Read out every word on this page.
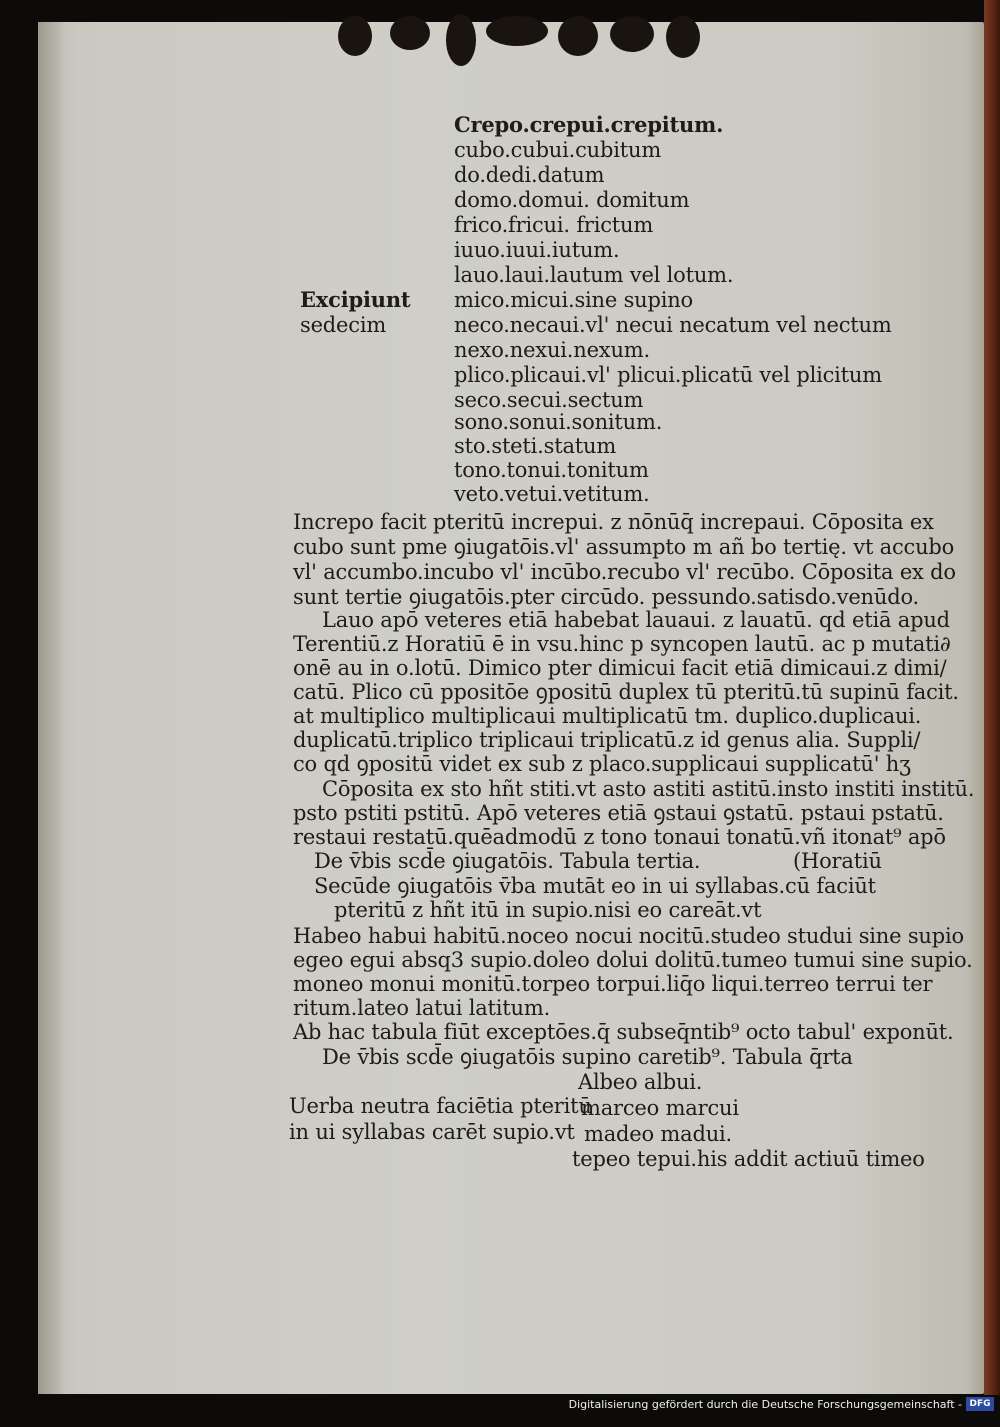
Crepo.crepui.crepitum.
cubo.cubui.cubitum
do.dedi.datum
domo.domui. domitum
frico.fricui. frictum
iuuo.iuui.iutum.
lauo.laui.lautum vel lotum.
mico.micui.sine supino
neco.necaui.vl' necui necatum vel nectum
nexo.nexui.nexum.
plico.plicaui.vl' plicui.plicatū vel plicitum
seco.secui.sectum
sono.sonui.sonitum.
sto.steti.statum
tono.tonui.tonitum
veto.vetui.vetitum.
Excipiunt
sedecim
Increpo facit pteritū increpui. z nōnūq̄ increpaui. Cōposita ex
cubo sunt pme ꝯiugatōis.vl' assumpto m añ bo tertię. vt accubo
vl' accumbo.incubo vl' incūbo.recubo vl' recūbo. Cōposita ex do
sunt tertie ꝯiugatōis.pter circūdo. pessundo.satisdo.venūdo.
Lauo apō veteres etiā habebat lauaui. z lauatū. qd etiā apud
Terentiū.z Horatiū ē in vsu.hinc p syncopen lautū. ac p mutati∂
onē au in o.lotū. Dimico pter dimicui facit etiā dimicaui.z dimi/
catū. Plico cū ppositōe ꝯpositū duplex tū pteritū.tū supinū facit.
at multiplico multiplicaui multiplicatū tm. duplico.duplicaui.
duplicatū.triplico triplicaui triplicatū.z id genus alia. Suppli/
co qd ꝯpositū videt ex sub z placo.supplicaui supplicatū' hʒ
Cōposita ex sto hñt stiti.vt asto astiti astitū.insto institi institū.
psto pstiti pstitū. Apō veteres etiā ꝯstaui ꝯstatū. pstaui pstatū.
restaui restatū.quēadmodū z tono tonaui tonatū.vñ itonat⁹ apō
De v̄bis scd̄e ꝯiugatōis. Tabula tertia.	(Horatiū
Secūde ꝯiugatōis v̄ba mutāt eo in ui syllabas.cū faciūt
pteritū z hñt itū in supio.nisi eo careāt.vt
Habeo habui habitū.noceo nocui nocitū.studeo studui sine supio
egeo egui absq3 supio.doleo dolui dolitū.tumeo tumui sine supio.
moneo monui monitū.torpeo torpui.liq̄o liqui.terreo terrui ter
ritum.lateo latui latitum.
Ab hac tabula fiūt exceptōes.q̄ subseq̄ntib⁹ octo tabul' exponūt.
De v̄bis scd̄e ꝯiugatōis supino caretib⁹. Tabula q̄rta
Albeo albui.
Uerba neutra faciētia pteritū
marceo marcui
in ui syllabas carēt supio.vt madeo madui.
tepeo tepui.his addit actiuū timeo
Digitalisierung gefördert durch die Deutsche Forschungsgemeinschaft - DFG
